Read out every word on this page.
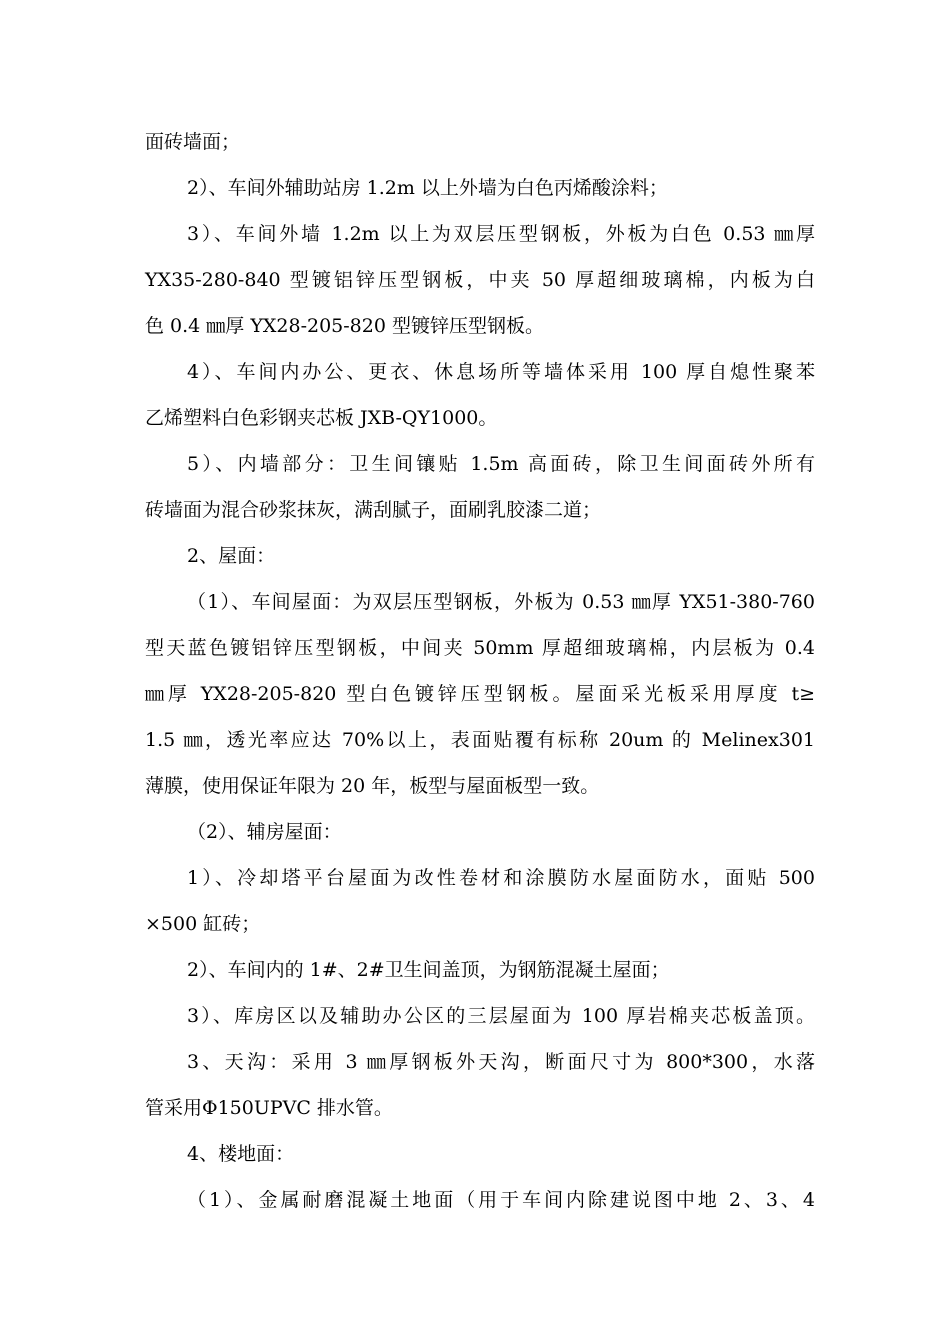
面砖墙面；
2）、车间外辅助站房 1.2m 以上外墙为白色丙烯酸涂料；
3）、车间外墙 1.2m 以上为双层压型钢板，外板为白色 0.53 ㎜厚
YX35-280-840 型镀铝锌压型钢板，中夹 50 厚超细玻璃棉，内板为白
色 0.4 ㎜厚 YX28-205-820 型镀锌压型钢板。
4）、车间内办公、更衣、休息场所等墙体采用 100 厚自熄性聚苯
乙烯塑料白色彩钢夹芯板 JXB-QY1000。
5）、内墙部分：卫生间镶贴 1.5m 高面砖，除卫生间面砖外所有
砖墙面为混合砂浆抹灰，满刮腻子，面刷乳胶漆二道；
2、屋面：
（1）、车间屋面：为双层压型钢板，外板为 0.53 ㎜厚 YX51-380-760
型天蓝色镀铝锌压型钢板，中间夹 50mm 厚超细玻璃棉，内层板为 0.4
㎜厚 YX28-205-820 型白色镀锌压型钢板。屋面采光板采用厚度 t≥
1.5 ㎜，透光率应达 70%以上，表面贴覆有标称 20um 的 Melinex301
薄膜，使用保证年限为 20 年，板型与屋面板型一致。
（2）、辅房屋面：
1）、冷却塔平台屋面为改性卷材和涂膜防水屋面防水，面贴 500
×500 缸砖；
2）、车间内的 1#、2#卫生间盖顶，为钢筋混凝土屋面；
3）、库房区以及辅助办公区的三层屋面为 100 厚岩棉夹芯板盖顶。
3、天沟：采用 3 ㎜厚钢板外天沟，断面尺寸为 800*300，水落
管采用Φ150UPVC 排水管。
4、楼地面：
（1）、金属耐磨混凝土地面（用于车间内除建说图中地 2、3、4
